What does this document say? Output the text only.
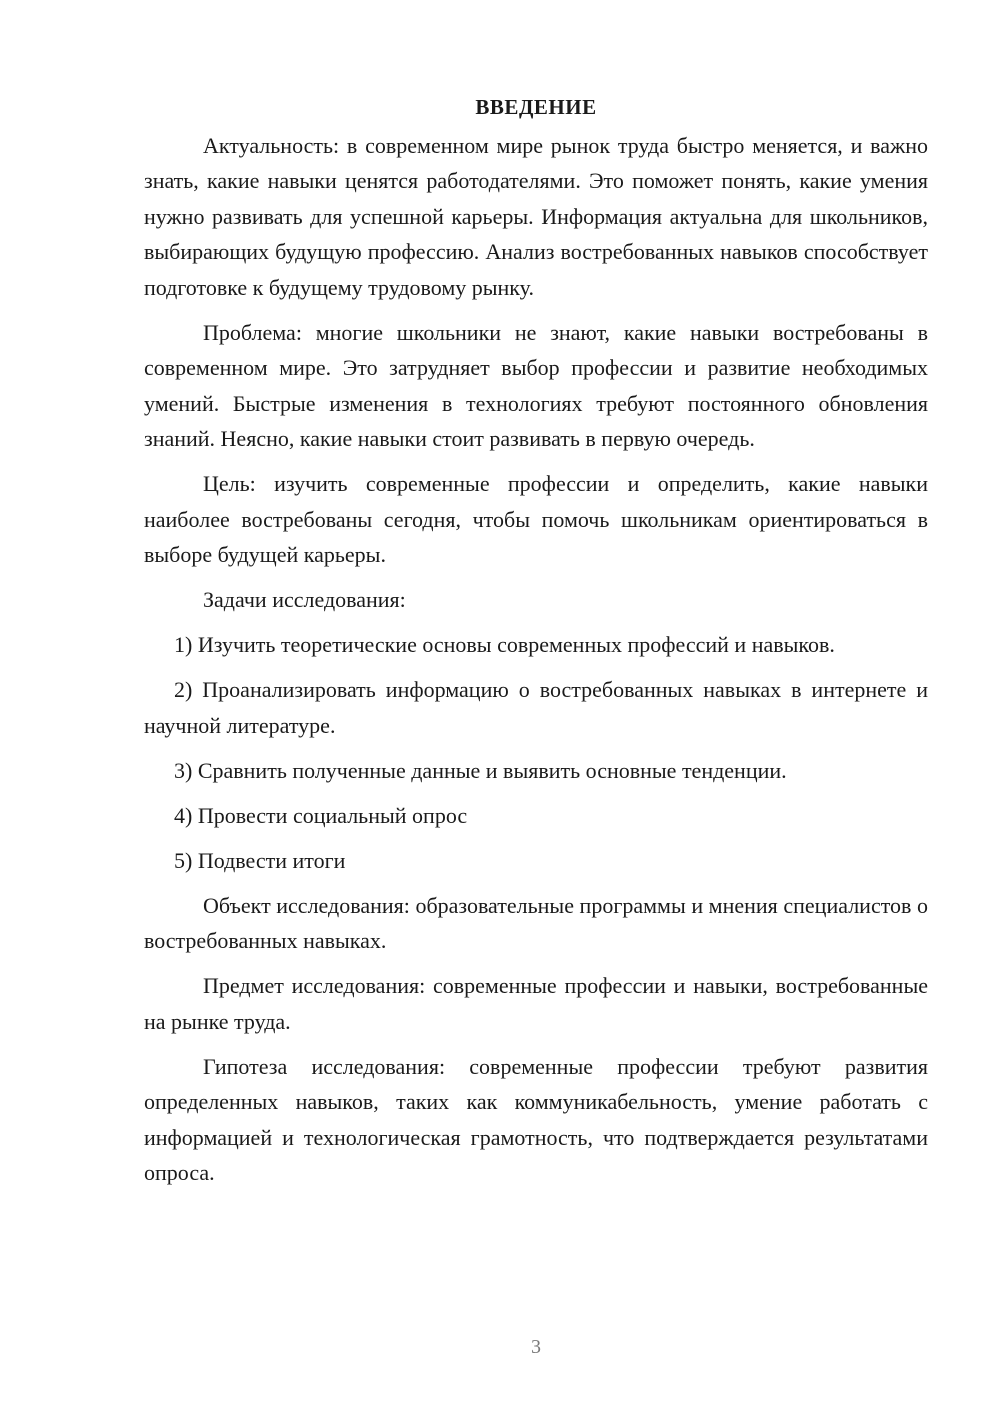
ВВЕДЕНИЕ

Актуальность: в современном мире рынок труда быстро меняется, и важно знать, какие навыки ценятся работодателями. Это поможет понять, какие умения нужно развивать для успешной карьеры. Информация актуальна для школьников, выбирающих будущую профессию. Анализ востребованных навыков способствует подготовке к будущему трудовому рынку.

Проблема: многие школьники не знают, какие навыки востребованы в современном мире. Это затрудняет выбор профессии и развитие необходимых умений. Быстрые изменения в технологиях требуют постоянного обновления знаний. Неясно, какие навыки стоит развивать в первую очередь.

Цель: изучить современные профессии и определить, какие навыки наиболее востребованы сегодня, чтобы помочь школьникам ориентироваться в выборе будущей карьеры.

Задачи исследования:

1) Изучить теоретические основы современных профессий и навыков.

2) Проанализировать информацию о востребованных навыках в интернете и научной литературе.

3) Сравнить полученные данные и выявить основные тенденции.

4) Провести социальный опрос

5) Подвести итоги

Объект исследования: образовательные программы и мнения специалистов о востребованных навыках.

Предмет исследования: современные профессии и навыки, востребованные на рынке труда.

Гипотеза исследования: современные профессии требуют развития определенных навыков, таких как коммуникабельность, умение работать с информацией и технологическая грамотность, что подтверждается результатами опроса.

3
